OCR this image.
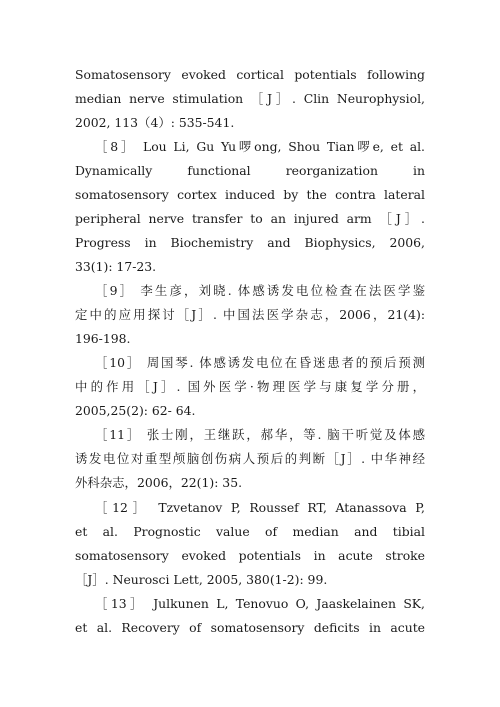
Somatosensory evoked cortical potentials following
median nerve stimulation ［J］. Clin Neurophysiol,
2002, 113（4）: 535-541.
［8］ Lou Li, Gu Yu啰ong, Shou Tian啰e, et al.
Dynamically functional reorganization in
somatosensory cortex induced by the contra lateral
peripheral nerve transfer to an injured arm ［J］.
Progress in Biochemistry and Biophysics, 2006,
33(1): 17-23.
［9］ 李生彦，刘晓. 体感诱发电位检查在法医学鉴
定中的应用探讨［J］. 中国法医学杂志，2006，21(4):
196-198.
［10］ 周国琴. 体感诱发电位在昏迷患者的预后预测
中的作用［J］. 国外医学·物理医学与康复学分册，
2005,25(2): 62- 64.
［11］ 张士刚，王继跃，郝华，等. 脑干听觉及体感
诱发电位对重型颅脑创伤病人预后的判断［J］. 中华神经
外科杂志，2006，22(1): 35.
［12］ Tzvetanov P, Roussef RT, Atanassova P,
et al. Prognostic value of median and tibial
somatosensory evoked potentials in acute stroke
［J］. Neurosci Lett, 2005, 380(1-2): 99.
［13］ Julkunen L, Tenovuo O, Jaaskelainen SK,
et al. Recovery of somatosensory deficits in acute
